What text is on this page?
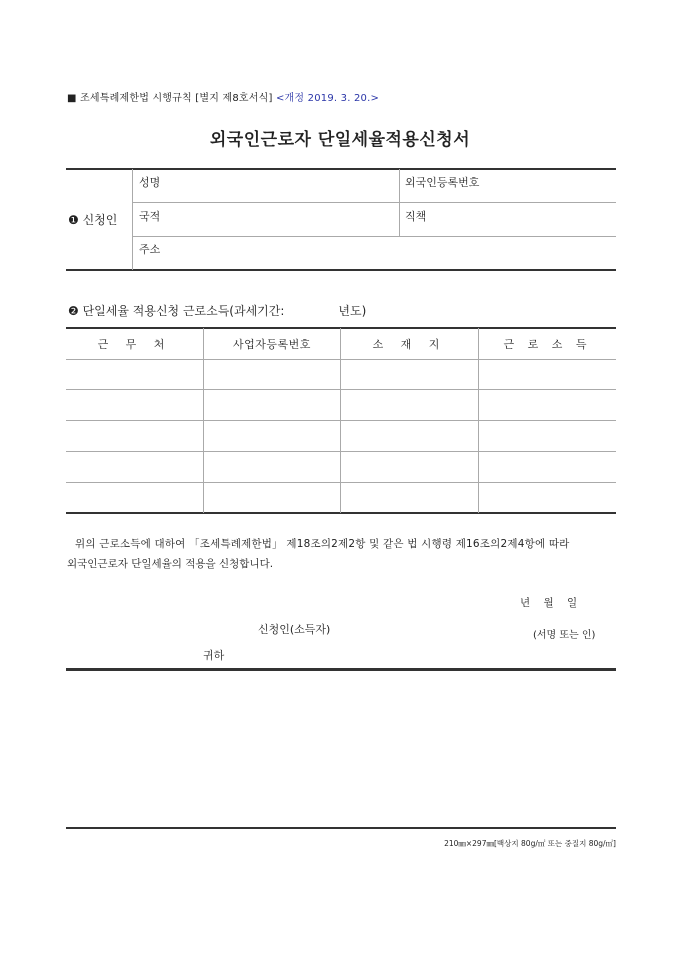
■ 조세특례제한법 시행규칙 [별지 제8호서식] <개정 2019. 3. 20.>
외국인근로자 단일세율적용신청서
❶ 신청인
성명	외국인등록번호
국적	직책
주소
❷ 단일세율 적용신청 근로소득(과세기간:	년도)
근 무 처	사업자등록번호	소 재 지	근 로 소 득

위의 근로소득에 대하여 「조세특례제한법」 제18조의2제2항 및 같은 법 시행령 제16조의2제4항에 따라

외국인근로자 단일세율의 적용을 신청합니다.

년    월    일
신청인(소득자)	(서명 또는 인)
귀하
210㎜×297㎜[백상지 80g/㎡ 또는 중질지 80g/㎡]
